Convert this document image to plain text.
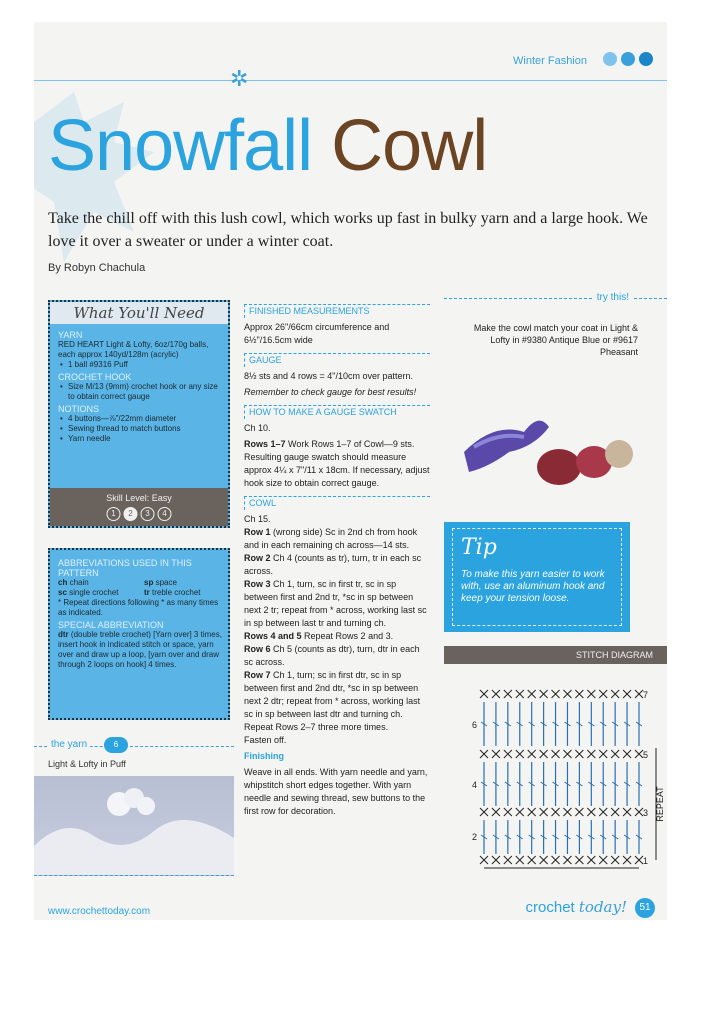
Winter Fashion
✲
Snowfall Cowl
Take the chill off with this lush cowl, which works up fast in bulky yarn and a large hook. We love it over a sweater or under a winter coat.
By Robyn Chachula
What You'll Need
YARN
RED HEART Light & Lofty, 6oz/170g balls, each approx 140yd/128m (acrylic)
• 1 ball #9316 Puff
CROCHET HOOK
• Size M/13 (9mm) crochet hook or any size to obtain correct gauge
NOTIONS
• 4 buttons—⅞"/22mm diameter
• Sewing thread to match buttons
• Yarn needle
Skill Level: Easy
1	2	3	4
ABBREVIATIONS USED IN THIS PATTERN
ch chain	sp space
sc single crochet	tr treble crochet
* Repeat directions following * as many times as indicated.
SPECIAL ABBREVIATION
dtr (double treble crochet) [Yarn over] 3 times, insert hook in indicated stitch or space, yarn over and draw up a loop, [yarn over and draw through 2 loops on hook] 4 times.
the yarn	6
Light & Lofty in Puff
FINISHED MEASUREMENTS

Approx 26"/66cm circumference and 6½"/16.5cm wide

GAUGE

8½ sts and 4 rows = 4"/10cm over pattern.

Remember to check gauge for best results!

HOW TO MAKE A GAUGE SWATCH

Ch 10.

Rows 1–7 Work Rows 1–7 of Cowl—9 sts. Resulting gauge swatch should measure approx 4¼ x 7"/11 x 18cm. If necessary, adjust hook size to obtain correct gauge.

COWL

Ch 15.

Row 1 (wrong side) Sc in 2nd ch from hook and in each remaining ch across—14 sts.

Row 2 Ch 4 (counts as tr), turn, tr in each sc across.

Row 3 Ch 1, turn, sc in first tr, sc in sp between first and 2nd tr, *sc in sp between next 2 tr; repeat from * across, working last sc in sp between last tr and turning ch.

Rows 4 and 5 Repeat Rows 2 and 3.

Row 6 Ch 5 (counts as dtr), turn, dtr in each sc across.

Row 7 Ch 1, turn; sc in first dtr, sc in sp between first and 2nd dtr, *sc in sp between next 2 dtr; repeat from * across, working last sc in sp between last dtr and turning ch.

Repeat Rows 2–7 three more times.

Fasten off.

Finishing

Weave in all ends. With yarn needle and yarn, whipstitch short edges together. With yarn needle and sewing thread, sew buttons to the first row for decoration.

try this!
Make the cowl match your coat in Light & Lofty in #9380 Antique Blue or #9617 Pheasant
Tip
To make this yarn easier to work with, use an aluminum hook and keep your tension loose.
STITCH DIAGRAM
7
6
5
4
3
2
1
REPEAT
www.crochettoday.com	crochet today!	51
